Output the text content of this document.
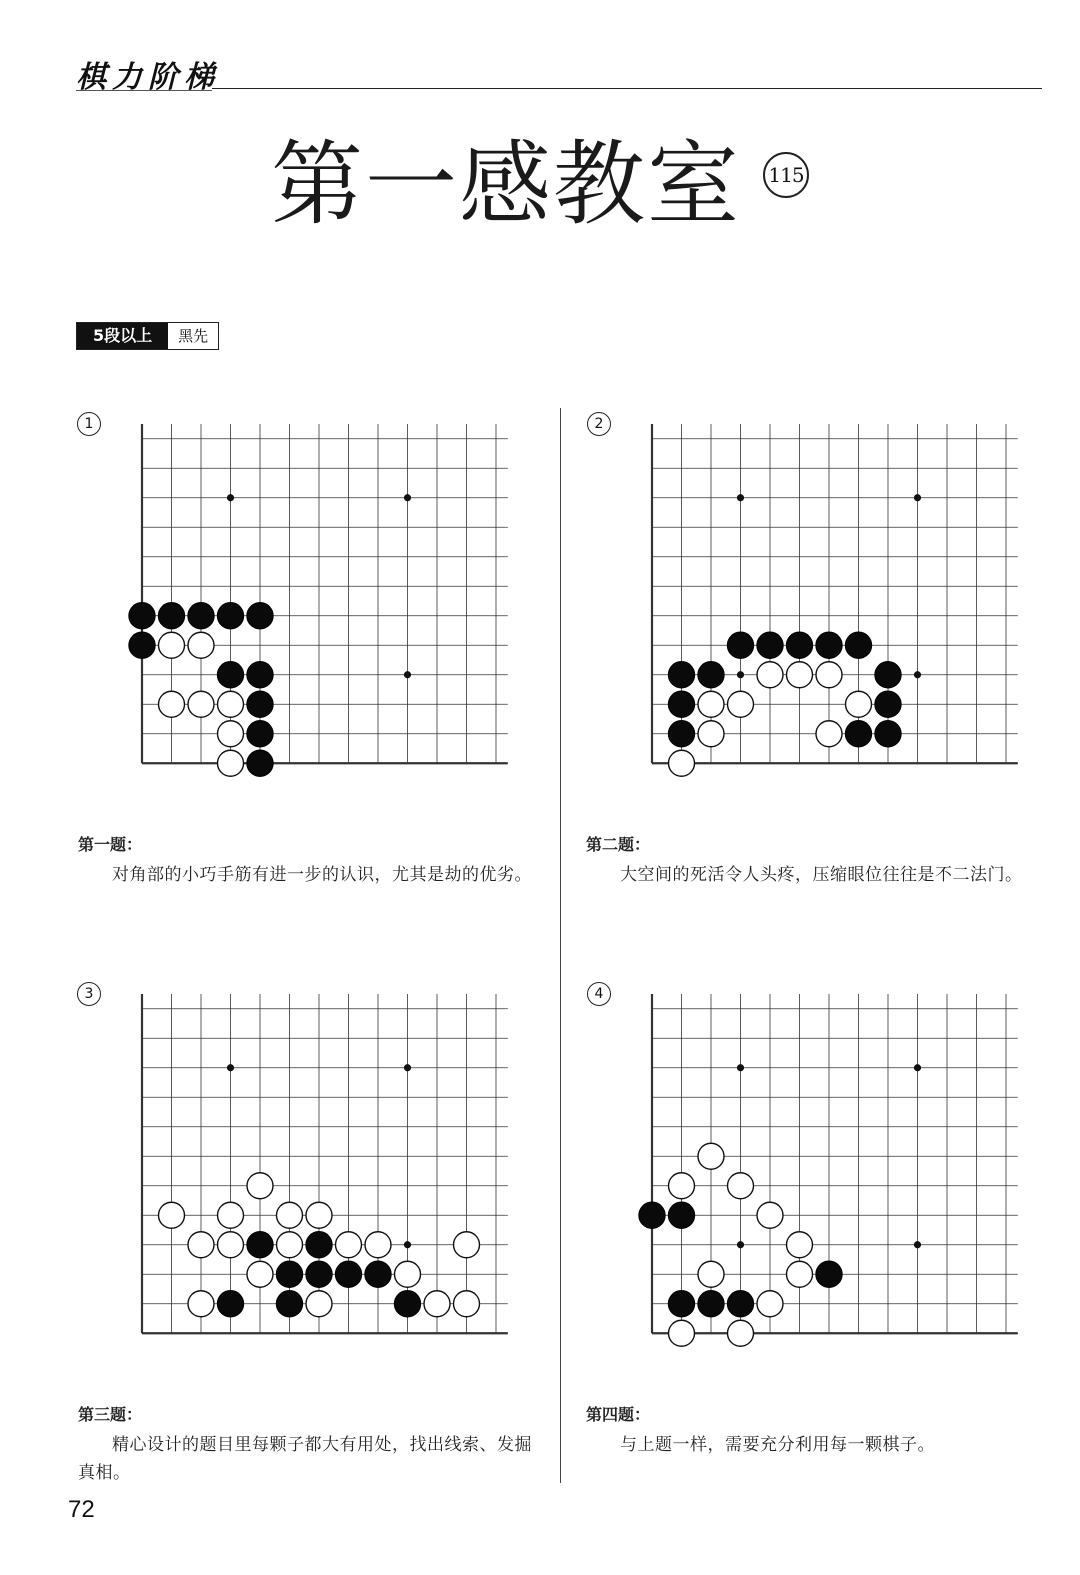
棋力阶梯
第一感教室 115
5段以上	黑先
1
第一题：
对角部的小巧手筋有进一步的认识，尤其是劫的优劣。
2
第二题：
大空间的死活令人头疼，压缩眼位往往是不二法门。
3
第三题：
精心设计的题目里每颗子都大有用处，找出线索、发掘真相。
4
第四题：
与上题一样，需要充分利用每一颗棋子。
72
